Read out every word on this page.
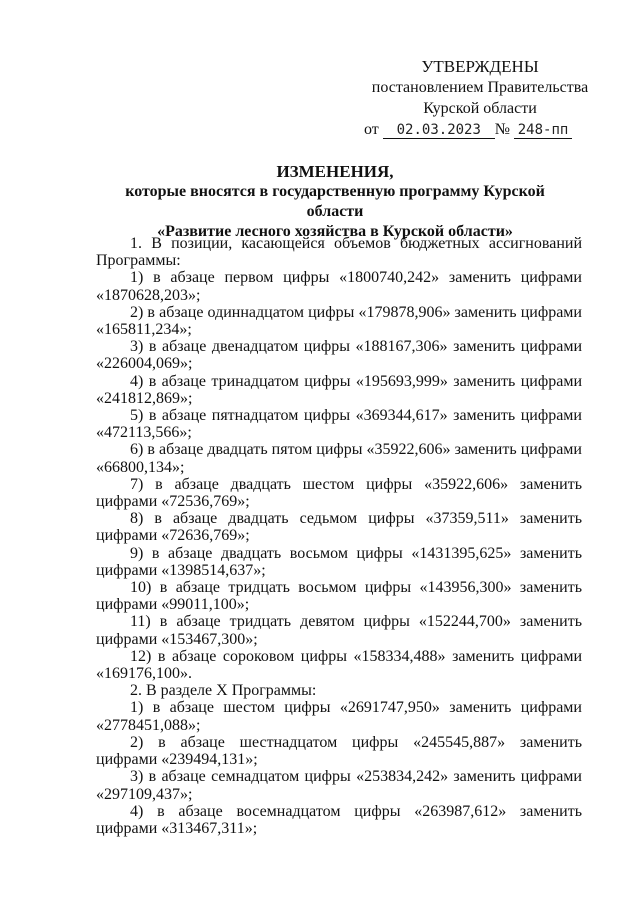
УТВЕРЖДЕНЫ
постановлением Правительства
Курской области
от 02.03.2023 № 248-пп
ИЗМЕНЕНИЯ,
которые вносятся в государственную программу Курской области
«Развитие лесного хозяйства в Курской области»

1. В позиции, касающейся объемов бюджетных ассигнований Программы:

1) в абзаце первом цифры «1800740,242» заменить цифрами «1870628,203»;

2) в абзаце одиннадцатом цифры «179878,906» заменить цифрами «165811,234»;

3) в абзаце двенадцатом цифры «188167,306» заменить цифрами «226004,069»;

4) в абзаце тринадцатом цифры «195693,999» заменить цифрами «241812,869»;

5) в абзаце пятнадцатом цифры «369344,617» заменить цифрами «472113,566»;

6) в абзаце двадцать пятом цифры «35922,606» заменить цифрами «66800,134»;

7) в абзаце двадцать шестом цифры «35922,606» заменить цифрами «72536,769»;

8) в абзаце двадцать седьмом цифры «37359,511» заменить цифрами «72636,769»;

9) в абзаце двадцать восьмом цифры «1431395,625» заменить цифрами «1398514,637»;

10) в абзаце тридцать восьмом цифры «143956,300» заменить цифрами «99011,100»;

11) в абзаце тридцать девятом цифры «152244,700» заменить цифрами «153467,300»;

12) в абзаце сороковом цифры «158334,488» заменить цифрами «169176,100».

2. В разделе X Программы:

1) в абзаце шестом цифры «2691747,950» заменить цифрами «2778451,088»;

2) в абзаце шестнадцатом цифры «245545,887» заменить цифрами «239494,131»;

3) в абзаце семнадцатом цифры «253834,242» заменить цифрами «297109,437»;

4) в абзаце восемнадцатом цифры «263987,612» заменить цифрами «313467,311»;
